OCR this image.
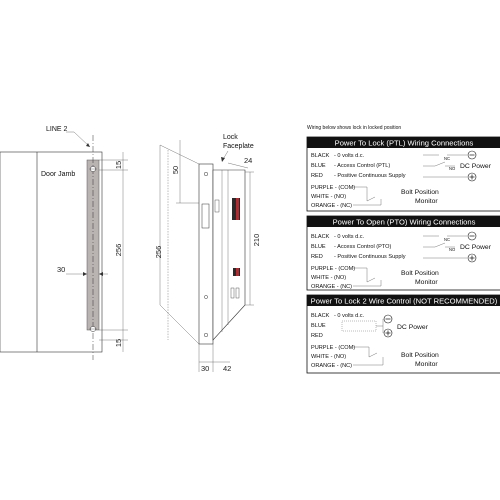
LINE 2
Door Jamb
15
256
15
30
Lock
Faceplate
50
24
256
210
30 42
Wiring below shows lock in locked position
Power To Lock (PTL) Wiring Connections
BLACK - 0 volts d.c.
BLUE - Access Control (PTL)
RED - Positive Continuous Supply
NC
NO DC Power
PURPLE - (COM)
WHITE - (NO)
ORANGE - (NC)
Bolt Position
Monitor
Power To Open (PTO) Wiring Connections
BLACK - 0 volts d.c.
BLUE - Access Control (PTO)
RED - Positive Continuous Supply
NC
NO DC Power
PURPLE - (COM)
WHITE - (NO)
ORANGE - (NC)
Bolt Position
Monitor
Power To Lock 2 Wire Control (NOT RECOMMENDED)
BLACK - 0 volts d.c.
BLUE
RED
DC Power
PURPLE - (COM)
WHITE - (NO)
ORANGE - (NC)
Bolt Position
Monitor
